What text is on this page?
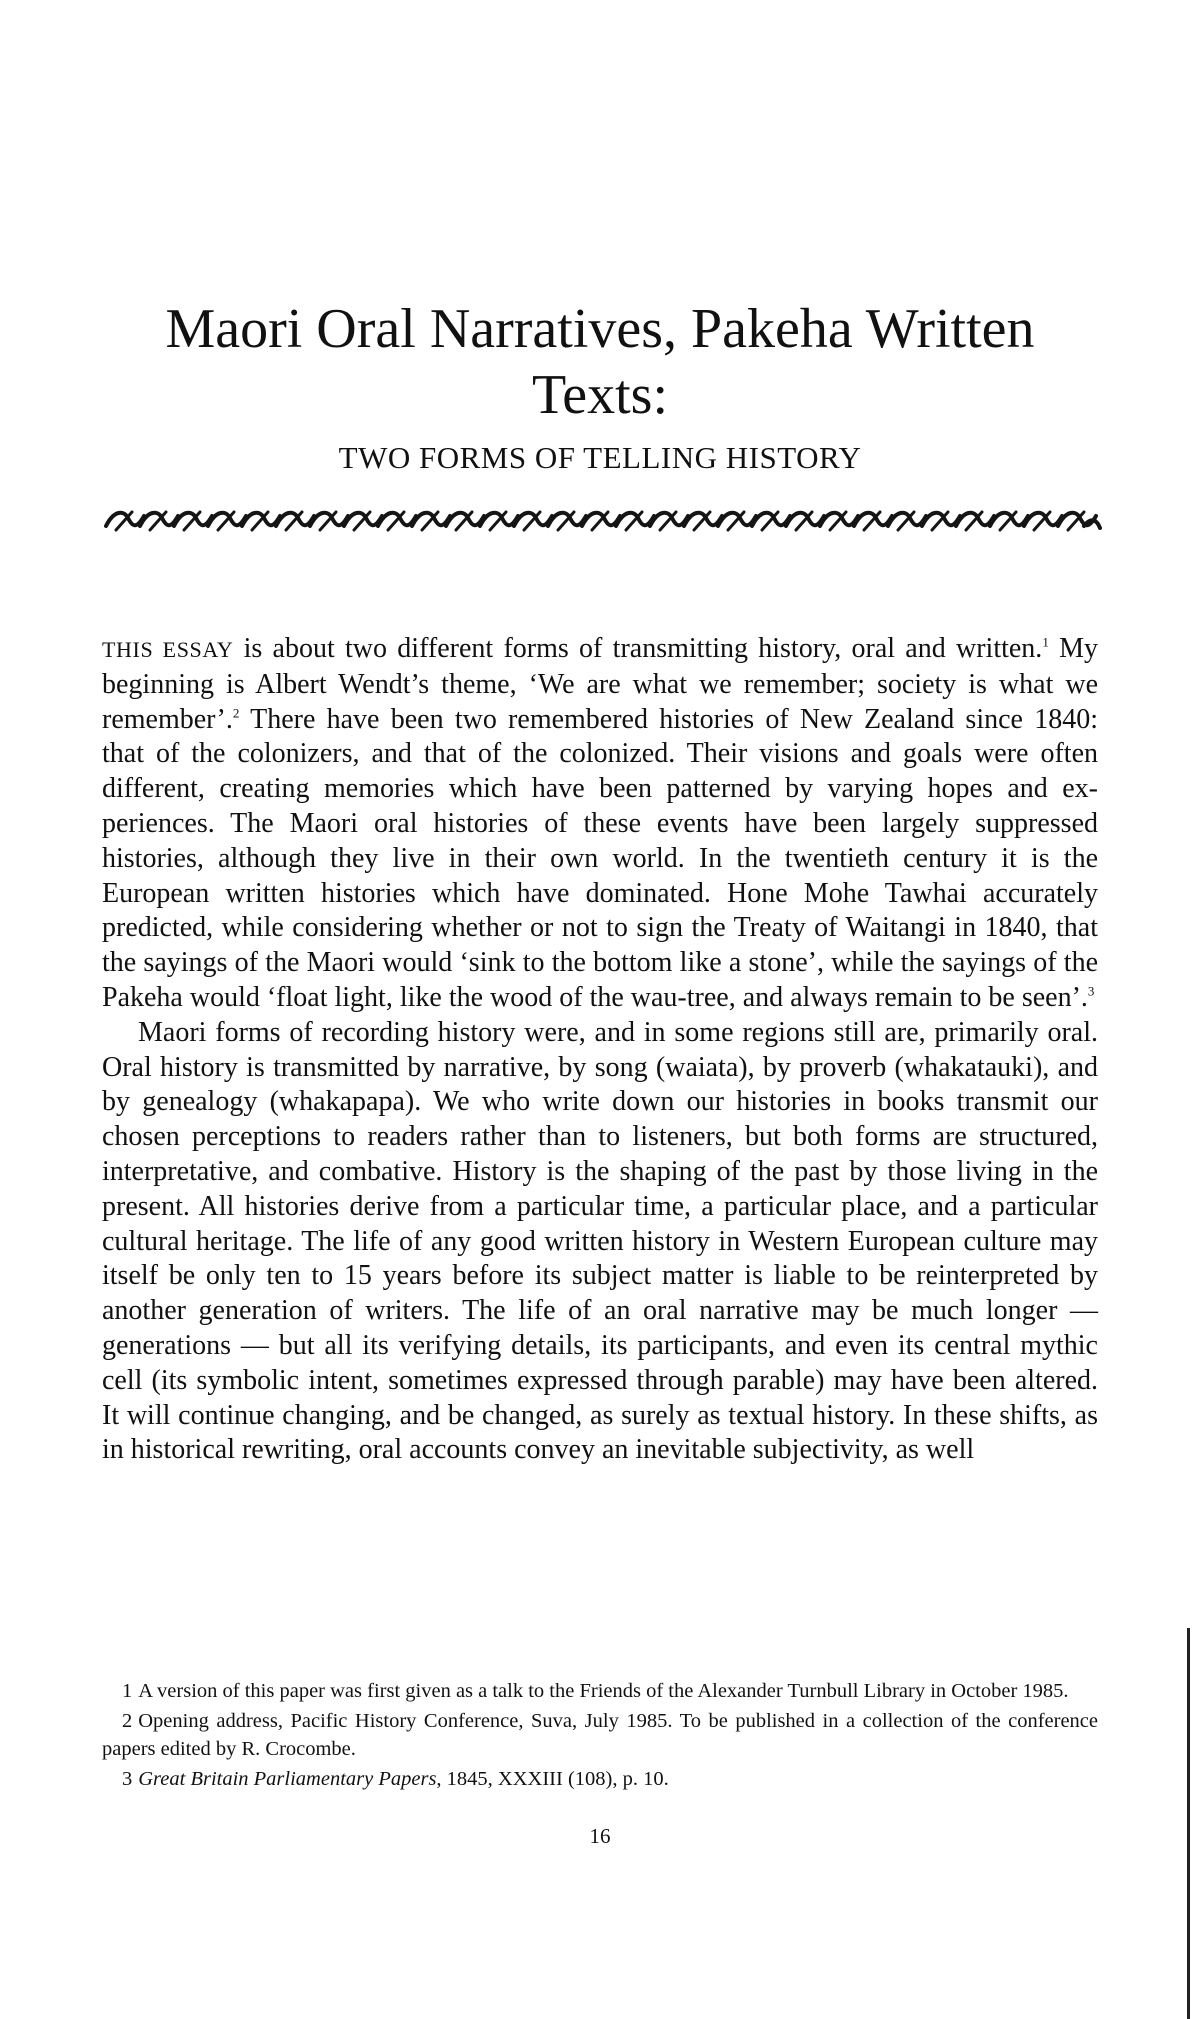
Maori Oral Narratives, Pakeha Written Texts:
TWO FORMS OF TELLING HISTORY

THIS ESSAY is about two different forms of transmitting history, oral and written.$^1$ My beginning is Albert Wendt’s theme, ‘We are what we remember; society is what we remember’.$^2$ There have been two remembered histories of New Zealand since 1840: that of the colonizers, and that of the colonized. Their visions and goals were often different, creating memories which have been patterned by varying hopes and experiences. The Maori oral histories of these events have been largely suppressed histories, although they live in their own world. In the twentieth century it is the European written histories which have dominated. Hone Mohe Tawhai accurately predicted, while considering whether or not to sign the Treaty of Waitangi in 1840, that the sayings of the Maori would ‘sink to the bottom like a stone’, while the sayings of the Pakeha would ‘float light, like the wood of the wau-tree, and always remain to be seen’.$^3$

Maori forms of recording history were, and in some regions still are, primarily oral. Oral history is transmitted by narrative, by song (waiata), by proverb (whakatauki), and by genealogy (whakapapa). We who write down our histories in books transmit our chosen perceptions to readers rather than to listeners, but both forms are structured, interpretative, and combative. History is the shaping of the past by those living in the present. All histories derive from a particular time, a particular place, and a particular cultural heritage. The life of any good written history in Western European culture may itself be only ten to 15 years before its subject matter is liable to be reinterpreted by another generation of writers. The life of an oral narrative may be much longer — generations — but all its verifying details, its participants, and even its central mythic cell (its symbolic intent, sometimes expressed through parable) may have been altered. It will continue changing, and be changed, as surely as textual history. In these shifts, as in historical rewriting, oral accounts convey an inevitable subjectivity, as well

1 A version of this paper was first given as a talk to the Friends of the Alexander Turnbull Library in October 1985.

2 Opening address, Pacific History Conference, Suva, July 1985. To be published in a collection of the conference papers edited by R. Crocombe.

3 Great Britain Parliamentary Papers, 1845, XXXIII (108), p. 10.

16
